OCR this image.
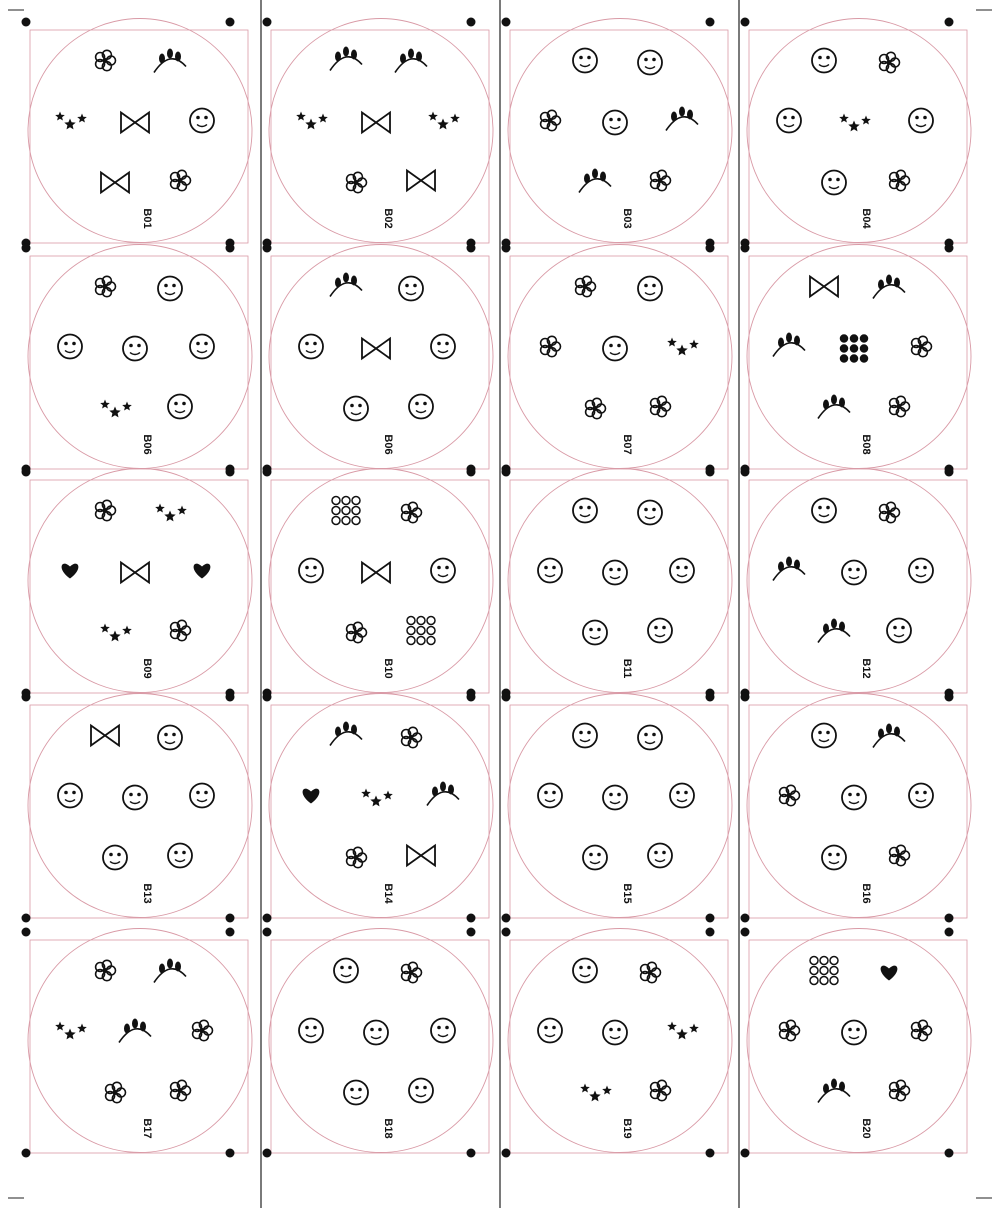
B01	B02	B03	B04
B06	B06	B07	B08
B09	B10	B11	B12
B13	B14	B15	B16
B17	B18	B19	B20
